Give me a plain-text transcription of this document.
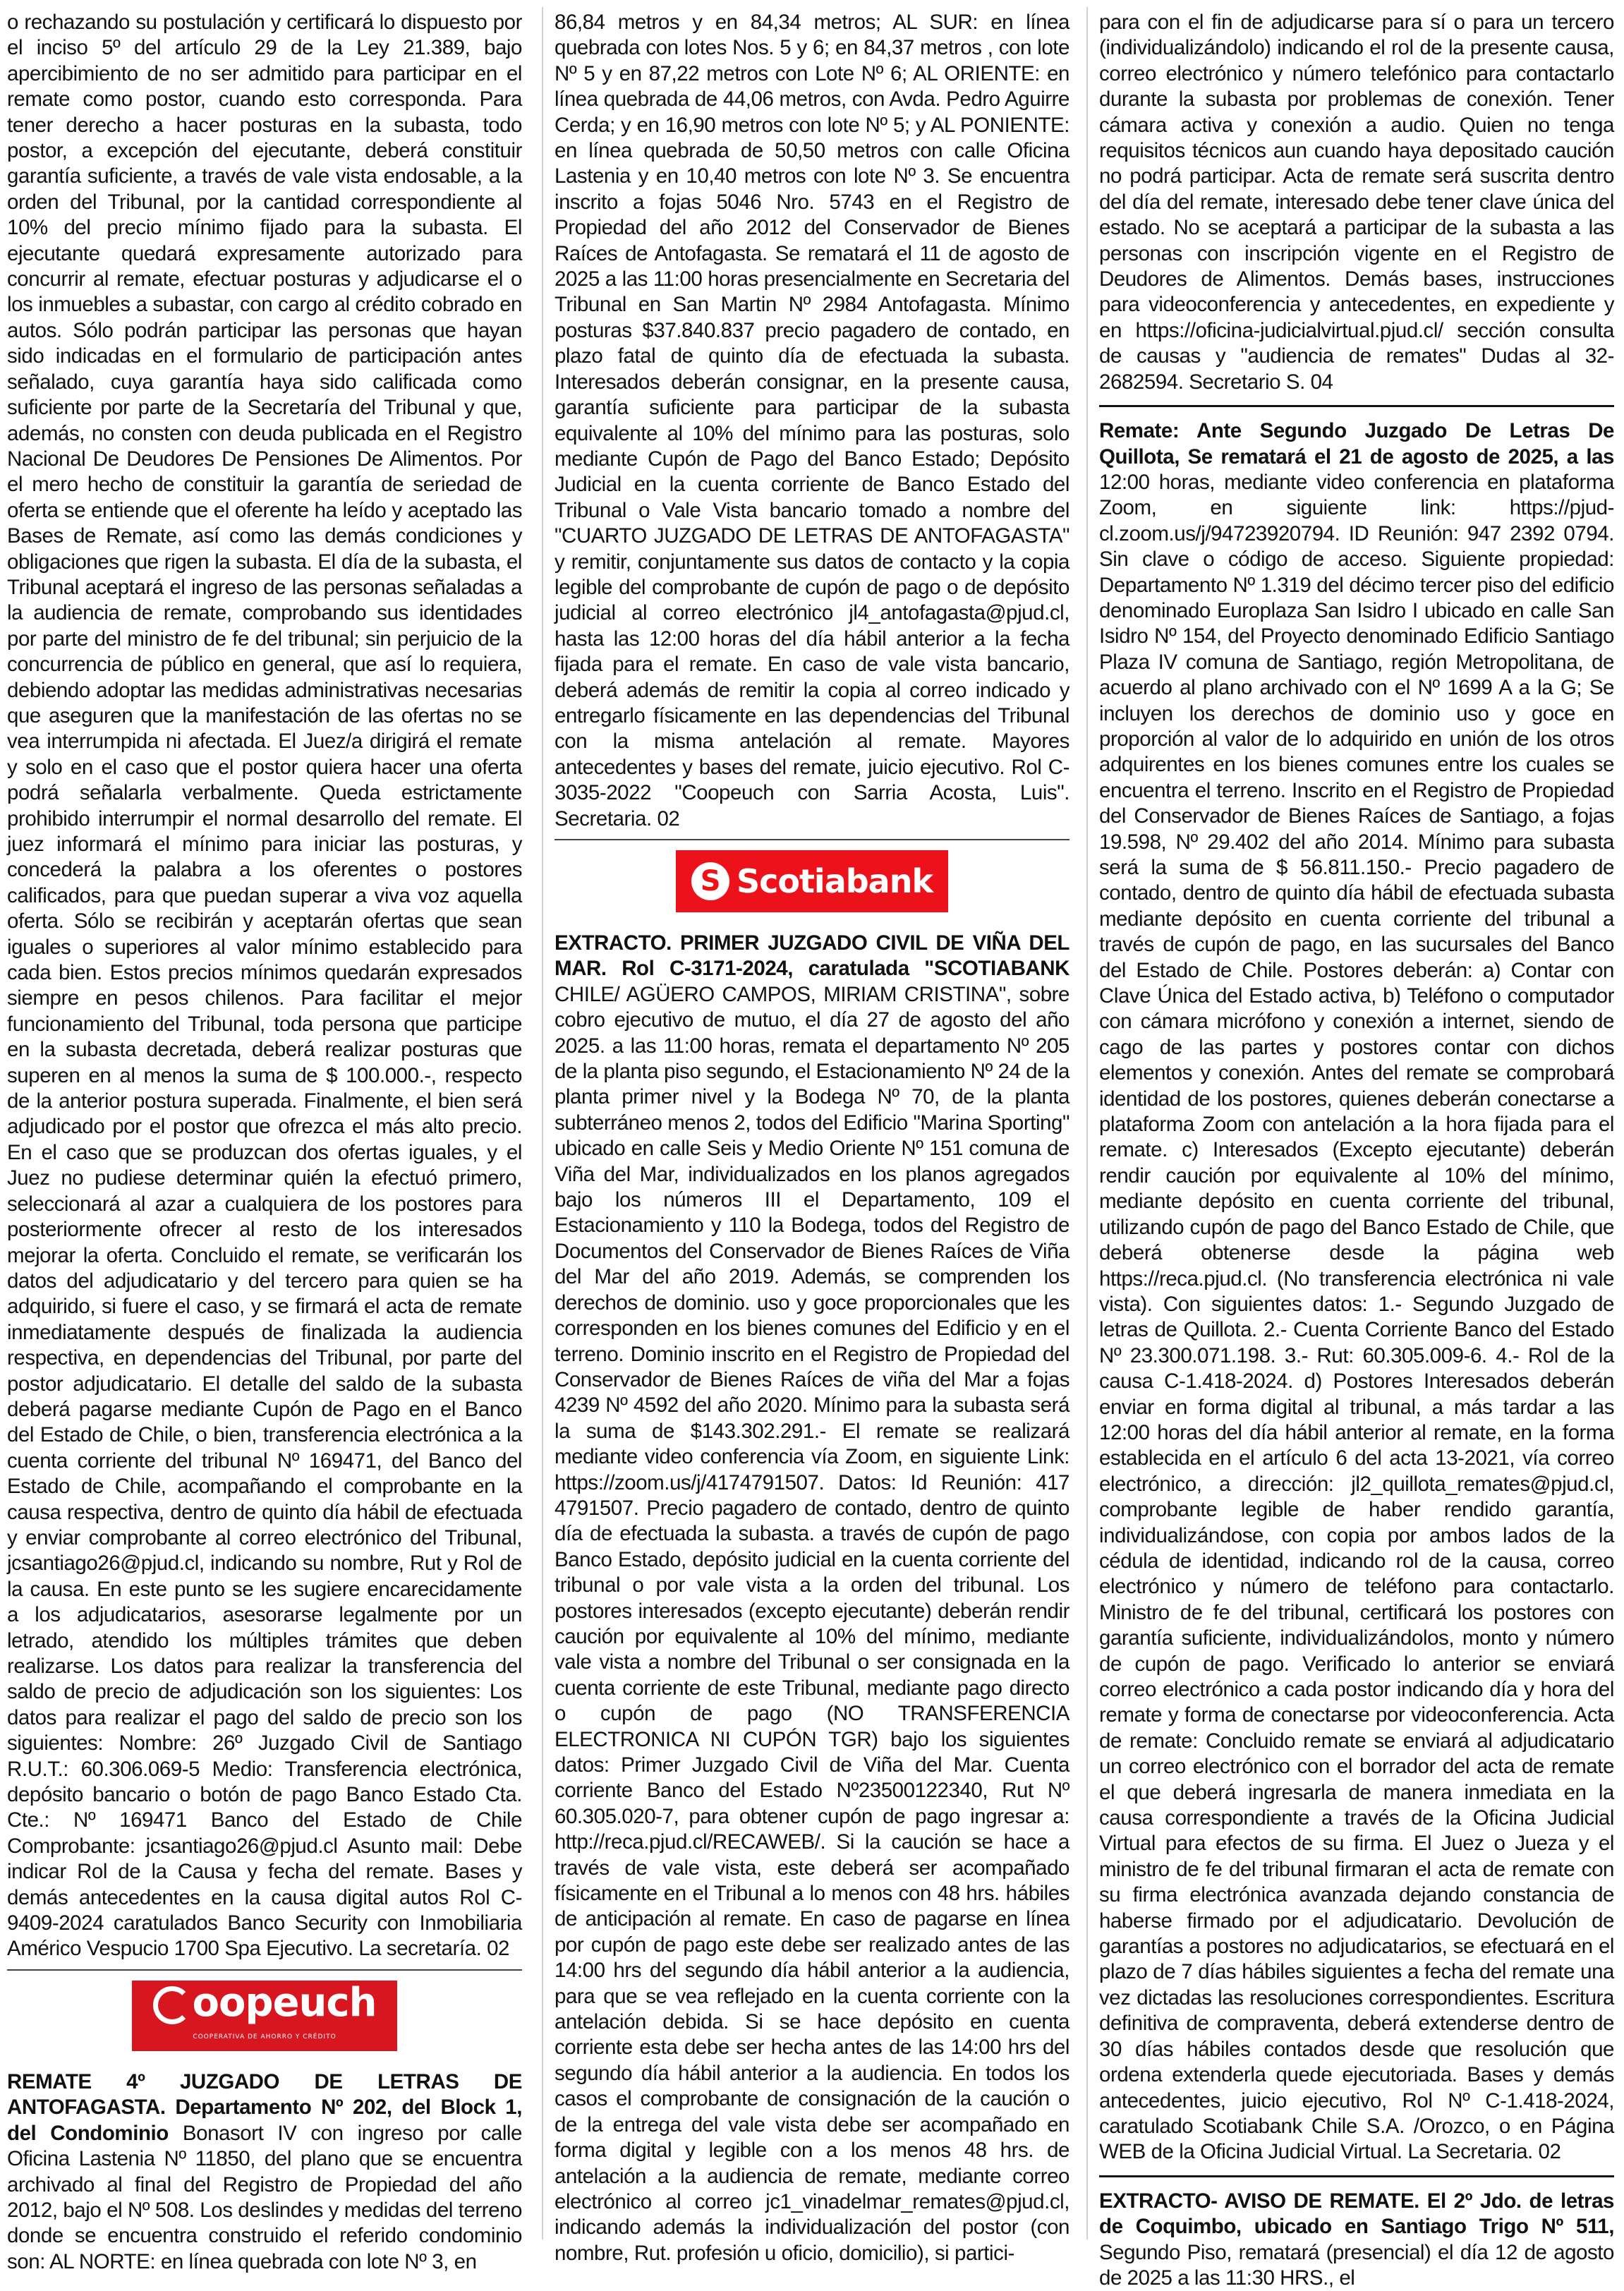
o rechazando su postulación y certificará lo dispuesto por el inciso 5º del artículo 29 de la Ley 21.389, bajo apercibimiento de no ser admitido para participar en el remate como postor, cuando esto corresponda. Para tener derecho a hacer posturas en la subasta, todo postor, a excepción del ejecutante, deberá constituir garantía suficiente, a través de vale vista endosable, a la orden del Tribunal, por la cantidad correspondiente al 10% del precio mínimo fijado para la subasta. El ejecutante quedará expresamente autorizado para concurrir al remate, efectuar posturas y adjudicarse el o los inmuebles a subastar, con cargo al crédito cobrado en autos. Sólo podrán participar las personas que hayan sido indicadas en el formulario de participación antes señalado, cuya garantía haya sido calificada como suficiente por parte de la Secretaría del Tribunal y que, además, no consten con deuda publicada en el Registro Nacional De Deudores De Pensiones De Alimentos. Por el mero hecho de constituir la garantía de seriedad de oferta se entiende que el oferente ha leído y aceptado las Bases de Remate, así como las demás condiciones y obligaciones que rigen la subasta. El día de la subasta, el Tribunal aceptará el ingreso de las personas señaladas a la audiencia de remate, comprobando sus identidades por parte del ministro de fe del tribunal; sin perjuicio de la concurrencia de público en general, que así lo requiera, debiendo adoptar las medidas administrativas necesarias que aseguren que la manifestación de las ofertas no se vea interrumpida ni afectada. El Juez/a dirigirá el remate y solo en el caso que el postor quiera hacer una oferta podrá señalarla verbalmente. Queda estrictamente prohibido interrumpir el normal desarrollo del remate. El juez informará el mínimo para iniciar las posturas, y concederá la palabra a los oferentes o postores calificados, para que puedan superar a viva voz aquella oferta. Sólo se recibirán y aceptarán ofertas que sean iguales o superiores al valor mínimo establecido para cada bien. Estos precios mínimos quedarán expresados siempre en pesos chilenos. Para facilitar el mejor funcionamiento del Tribunal, toda persona que participe en la subasta decretada, deberá realizar posturas que superen en al menos la suma de $ 100.000.-, respecto de la anterior postura superada. Finalmente, el bien será adjudicado por el postor que ofrezca el más alto precio. En el caso que se produzcan dos ofertas iguales, y el Juez no pudiese determinar quién la efectuó primero, seleccionará al azar a cualquiera de los postores para posteriormente ofrecer al resto de los interesados mejorar la oferta. Concluido el remate, se verificarán los datos del adjudicatario y del tercero para quien se ha adquirido, si fuere el caso, y se firmará el acta de remate inmediatamente después de finalizada la audiencia respectiva, en dependencias del Tribunal, por parte del postor adjudicatario. El detalle del saldo de la subasta deberá pagarse mediante Cupón de Pago en el Banco del Estado de Chile, o bien, transferencia electrónica a la cuenta corriente del tribunal Nº 169471, del Banco del Estado de Chile, acompañando el comprobante en la causa respectiva, dentro de quinto día hábil de efectuada y enviar comprobante al correo electrónico del Tribunal, jcsantiago26@pjud.cl, indicando su nombre, Rut y Rol de la causa. En este punto se les sugiere encarecidamente a los adjudicatarios, asesorarse legalmente por un letrado, atendido los múltiples trámites que deben realizarse. Los datos para realizar la transferencia del saldo de precio de adjudicación son los siguientes: Los datos para realizar el pago del saldo de precio son los siguientes: Nombre: 26º Juzgado Civil de Santiago R.U.T.: 60.306.069-5 Medio: Transferencia electrónica, depósito bancario o botón de pago Banco Estado Cta. Cte.: Nº 169471 Banco del Estado de Chile Comprobante: jcsantiago26@pjud.cl Asunto mail: Debe indicar Rol de la Causa y fecha del remate. Bases y demás antecedentes en la causa digital autos Rol C-9409-2024 caratulados Banco Security con Inmobiliaria Américo Vespucio 1700 Spa Ejecutivo. La secretaría. 02

oopeuch
COOPERATIVA DE AHORRO Y CRÉDITO

REMATE 4º JUZGADO DE LETRAS DE ANTOFAGASTA. Departamento Nº 202, del Block 1, del Condominio Bonasort IV con ingreso por calle Oficina Lastenia Nº 11850, del plano que se encuentra archivado al final del Registro de Propiedad del año 2012, bajo el Nº 508. Los deslindes y medidas del terreno donde se encuentra construido el referido condominio son: AL NORTE: en línea quebrada con lote Nº 3, en

86,84 metros y en 84,34 metros; AL SUR: en línea quebrada con lotes Nos. 5 y 6; en 84,37 metros , con lote Nº 5 y en 87,22 metros con Lote Nº 6; AL ORIENTE: en línea quebrada de 44,06 metros, con Avda. Pedro Aguirre Cerda; y en 16,90 metros con lote Nº 5; y AL PONIENTE: en línea quebrada de 50,50 metros con calle Oficina Lastenia y en 10,40 metros con lote Nº 3. Se encuentra inscrito a fojas 5046 Nro. 5743 en el Registro de Propiedad del año 2012 del Conservador de Bienes Raíces de Antofagasta. Se rematará el 11 de agosto de 2025 a las 11:00 horas presencialmente en Secretaria del Tribunal en San Martin Nº 2984 Antofagasta. Mínimo posturas $37.840.837 precio pagadero de contado, en plazo fatal de quinto día de efectuada la subasta. Interesados deberán consignar, en la presente causa, garantía suficiente para participar de la subasta equivalente al 10% del mínimo para las posturas, solo mediante Cupón de Pago del Banco Estado; Depósito Judicial en la cuenta corriente de Banco Estado del Tribunal o Vale Vista bancario tomado a nombre del "CUARTO JUZGADO DE LETRAS DE ANTOFAGASTA" y remitir, conjuntamente sus datos de contacto y la copia legible del comprobante de cupón de pago o de depósito judicial al correo electrónico jl4_antofagasta@pjud.cl, hasta las 12:00 horas del día hábil anterior a la fecha fijada para el remate. En caso de vale vista bancario, deberá además de remitir la copia al correo indicado y entregarlo físicamente en las dependencias del Tribunal con la misma antelación al remate. Mayores antecedentes y bases del remate, juicio ejecutivo. Rol C-3035-2022 "Coopeuch con Sarria Acosta, Luis". Secretaria. 02

S Scotiabank

EXTRACTO. PRIMER JUZGADO CIVIL DE VIÑA DEL MAR. Rol C-3171-2024, caratulada "SCOTIABANK CHILE/ AGÜERO CAMPOS, MIRIAM CRISTINA", sobre cobro ejecutivo de mutuo, el día 27 de agosto del año 2025. a las 11:00 horas, remata el departamento Nº 205 de la planta piso segundo, el Estacionamiento Nº 24 de la planta primer nivel y la Bodega Nº 70, de la planta subterráneo menos 2, todos del Edificio "Marina Sporting" ubicado en calle Seis y Medio Oriente Nº 151 comuna de Viña del Mar, individualizados en los planos agregados bajo los números III el Departamento, 109 el Estacionamiento y 110 la Bodega, todos del Registro de Documentos del Conservador de Bienes Raíces de Viña del Mar del año 2019. Además, se comprenden los derechos de dominio. uso y goce proporcionales que les corresponden en los bienes comunes del Edificio y en el terreno. Dominio inscrito en el Registro de Propiedad del Conservador de Bienes Raíces de viña del Mar a fojas 4239 Nº 4592 del año 2020. Mínimo para la subasta será la suma de $143.302.291.- El remate se realizará mediante video conferencia vía Zoom, en siguiente Link: https://zoom.us/j/4174791507. Datos: Id Reunión: 417 4791507. Precio pagadero de contado, dentro de quinto día de efectuada la subasta. a través de cupón de pago Banco Estado, depósito judicial en la cuenta corriente del tribunal o por vale vista a la orden del tribunal. Los postores interesados (excepto ejecutante) deberán rendir caución por equivalente al 10% del mínimo, mediante vale vista a nombre del Tribunal o ser consignada en la cuenta corriente de este Tribunal, mediante pago directo o cupón de pago (NO TRANSFERENCIA ELECTRONICA NI CUPÓN TGR) bajo los siguientes datos: Primer Juzgado Civil de Viña del Mar. Cuenta corriente Banco del Estado Nº23500122340, Rut Nº 60.305.020-7, para obtener cupón de pago ingresar a: http://reca.pjud.cl/RECAWEB/. Si la caución se hace a través de vale vista, este deberá ser acompañado físicamente en el Tribunal a lo menos con 48 hrs. hábiles de anticipación al remate. En caso de pagarse en línea por cupón de pago este debe ser realizado antes de las 14:00 hrs del segundo día hábil anterior a la audiencia, para que se vea reflejado en la cuenta corriente con la antelación debida. Si se hace depósito en cuenta corriente esta debe ser hecha antes de las 14:00 hrs del segundo día hábil anterior a la audiencia. En todos los casos el comprobante de consignación de la caución o de la entrega del vale vista debe ser acompañado en forma digital y legible con a los menos 48 hrs. de antelación a la audiencia de remate, mediante correo electrónico al correo jc1_vinadelmar_remates@pjud.cl, indicando además la individualización del postor (con nombre, Rut. profesión u oficio, domicilio), si partici-

para con el fin de adjudicarse para sí o para un tercero (individualizándolo) indicando el rol de la presente causa, correo electrónico y número telefónico para contactarlo durante la subasta por problemas de conexión. Tener cámara activa y conexión a audio. Quien no tenga requisitos técnicos aun cuando haya depositado caución no podrá participar. Acta de remate será suscrita dentro del día del remate, interesado debe tener clave única del estado. No se aceptará a participar de la subasta a las personas con inscripción vigente en el Registro de Deudores de Alimentos. Demás bases, instrucciones para videoconferencia y antecedentes, en expediente y en https://oficina-judicialvirtual.pjud.cl/ sección consulta de causas y "audiencia de remates" Dudas al 32-2682594. Secretario S. 04

Remate: Ante Segundo Juzgado De Letras De Quillota, Se rematará el 21 de agosto de 2025, a las 12:00 horas, mediante video conferencia en plataforma Zoom, en siguiente link: https://pjud-cl.zoom.us/j/94723920794. ID Reunión: 947 2392 0794. Sin clave o código de acceso. Siguiente propiedad: Departamento Nº 1.319 del décimo tercer piso del edificio denominado Europlaza San Isidro I ubicado en calle San Isidro Nº 154, del Proyecto denominado Edificio Santiago Plaza IV comuna de Santiago, región Metropolitana, de acuerdo al plano archivado con el Nº 1699 A a la G; Se incluyen los derechos de dominio uso y goce en proporción al valor de lo adquirido en unión de los otros adquirentes en los bienes comunes entre los cuales se encuentra el terreno. Inscrito en el Registro de Propiedad del Conservador de Bienes Raíces de Santiago, a fojas 19.598, Nº 29.402 del año 2014. Mínimo para subasta será la suma de $ 56.811.150.- Precio pagadero de contado, dentro de quinto día hábil de efectuada subasta mediante depósito en cuenta corriente del tribunal a través de cupón de pago, en las sucursales del Banco del Estado de Chile. Postores deberán: a) Contar con Clave Única del Estado activa, b) Teléfono o computador con cámara micrófono y conexión a internet, siendo de cago de las partes y postores contar con dichos elementos y conexión. Antes del remate se comprobará identidad de los postores, quienes deberán conectarse a plataforma Zoom con antelación a la hora fijada para el remate. c) Interesados (Excepto ejecutante) deberán rendir caución por equivalente al 10% del mínimo, mediante depósito en cuenta corriente del tribunal, utilizando cupón de pago del Banco Estado de Chile, que deberá obtenerse desde la página web https://reca.pjud.cl. (No transferencia electrónica ni vale vista). Con siguientes datos: 1.- Segundo Juzgado de letras de Quillota. 2.- Cuenta Corriente Banco del Estado Nº 23.300.071.198. 3.- Rut: 60.305.009-6. 4.- Rol de la causa C-1.418-2024. d) Postores Interesados deberán enviar en forma digital al tribunal, a más tardar a las 12:00 horas del día hábil anterior al remate, en la forma establecida en el artículo 6 del acta 13-2021, vía correo electrónico, a dirección: jl2_quillota_remates@pjud.cl, comprobante legible de haber rendido garantía, individualizándose, con copia por ambos lados de la cédula de identidad, indicando rol de la causa, correo electrónico y número de teléfono para contactarlo. Ministro de fe del tribunal, certificará los postores con garantía suficiente, individualizándolos, monto y número de cupón de pago. Verificado lo anterior se enviará correo electrónico a cada postor indicando día y hora del remate y forma de conectarse por videoconferencia. Acta de remate: Concluido remate se enviará al adjudicatario un correo electrónico con el borrador del acta de remate el que deberá ingresarla de manera inmediata en la causa correspondiente a través de la Oficina Judicial Virtual para efectos de su firma. El Juez o Jueza y el ministro de fe del tribunal firmaran el acta de remate con su firma electrónica avanzada dejando constancia de haberse firmado por el adjudicatario. Devolución de garantías a postores no adjudicatarios, se efectuará en el plazo de 7 días hábiles siguientes a fecha del remate una vez dictadas las resoluciones correspondientes. Escritura definitiva de compraventa, deberá extenderse dentro de 30 días hábiles contados desde que resolución que ordena extenderla quede ejecutoriada. Bases y demás antecedentes, juicio ejecutivo, Rol Nº C-1.418-2024, caratulado Scotiabank Chile S.A. /Orozco, o en Página WEB de la Oficina Judicial Virtual. La Secretaria. 02

EXTRACTO- AVISO DE REMATE. El 2º Jdo. de letras de Coquimbo, ubicado en Santiago Trigo Nº 511, Segundo Piso, rematará (presencial) el día 12 de agosto de 2025 a las 11:30 HRS., el
